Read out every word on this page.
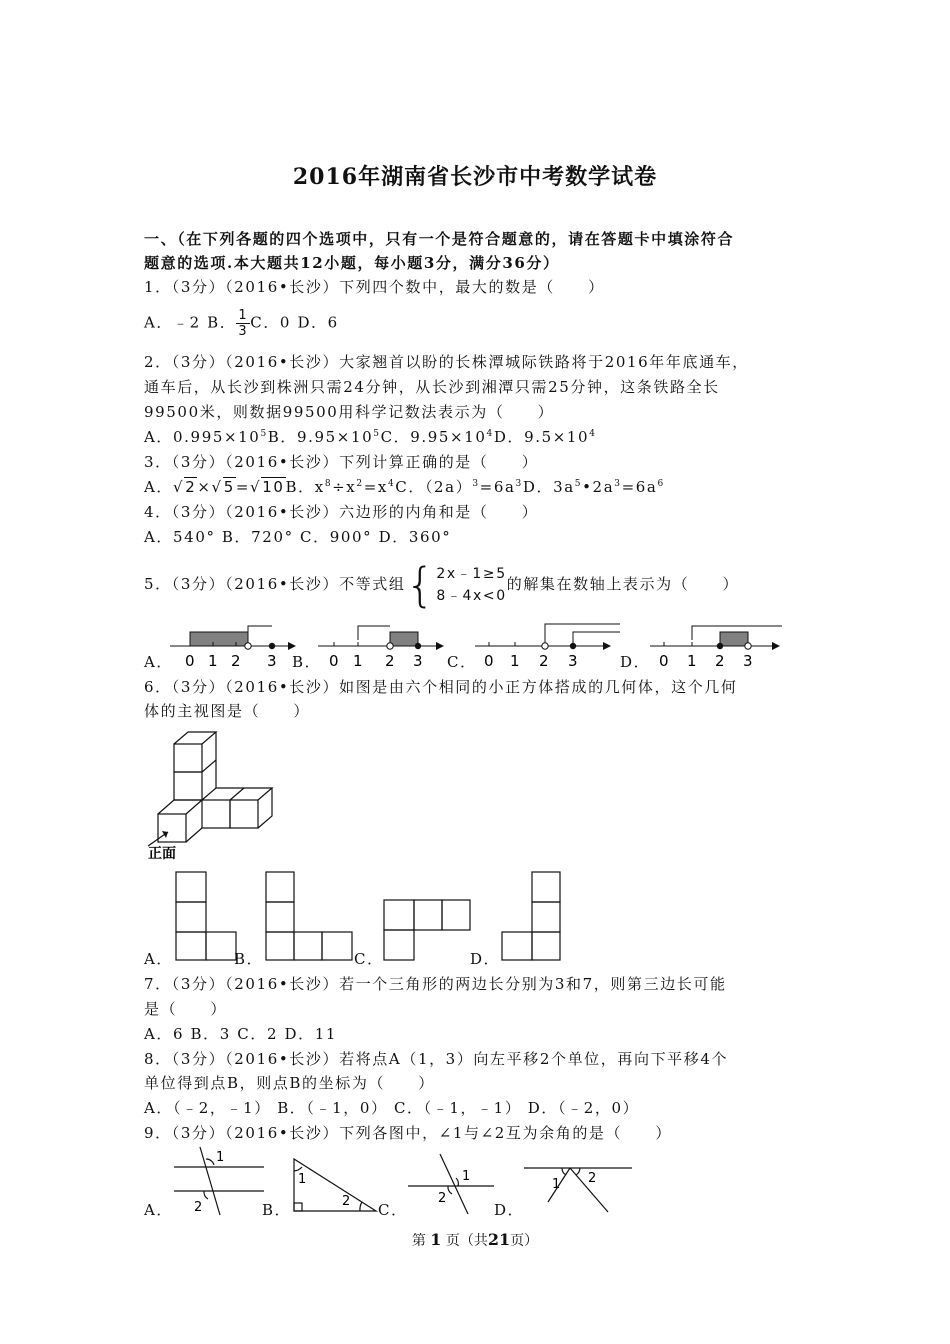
2016年湖南省长沙市中考数学试卷
一、（在下列各题的四个选项中，只有一个是符合题意的，请在答题卡中填涂符合
题意的选项.本大题共12小题，每小题3分，满分36分）
1．（3分）（2016•长沙）下列四个数中，最大的数是（　　）
A．﹣2 B． $\frac{1}{3}$ C．0 D．6
2．（3分）（2016•长沙）大家翘首以盼的长株潭城际铁路将于2016年年底通车，
通车后，从长沙到株洲只需24分钟，从长沙到湘潭只需25分钟，这条铁路全长
99500米，则数据99500用科学记数法表示为（　　）
A．$0.995\times 10^5B$．$9.95\times 10^5C$．$9.95\times 10^4D$．$9.5\times 10^4$
3．（3分）（2016•长沙）下列计算正确的是（　　）
A．√2×√5=√10B．$x^8\div x^2=x^4C$．$(2a)^3=6a^3D$．$3a^5•2a^3=6a^6$
4．（3分）（2016•长沙）六边形的内角和是（　　）
A．540° B．720° C．900° D．360°
5．（3分）（2016•长沙）不等式组{ 2x﹣1≥5
8﹣4x<0
的解集在数轴上表示为（　　）
A．	B．	C．	D．
0 1 2 3	0 1 2 3	0 1 2 3	0 1 2 3
6．（3分）（2016•长沙）如图是由六个相同的小正方体搭成的几何体，这个几何
体的主视图是（　　）
正面
A．	B．	C．	D．
7．（3分）（2016•长沙）若一个三角形的两边长分别为3和7，则第三边长可能
是（　　）
A．6 B．3 C．2 D．11
8．（3分）（2016•长沙）若将点A（1，3）向左平移2个单位，再向下平移4个
单位得到点B，则点B的坐标为（　　）
A．（﹣2，﹣1） B．（﹣1，0） C．（﹣1，﹣1） D．（﹣2，0）
9．（3分）（2016•长沙）下列各图中，∠1与∠2互为余角的是（　　）
A．	B．	C．	D．
1
2
1
2
1
2
1 2
第 1 页（共21页）
